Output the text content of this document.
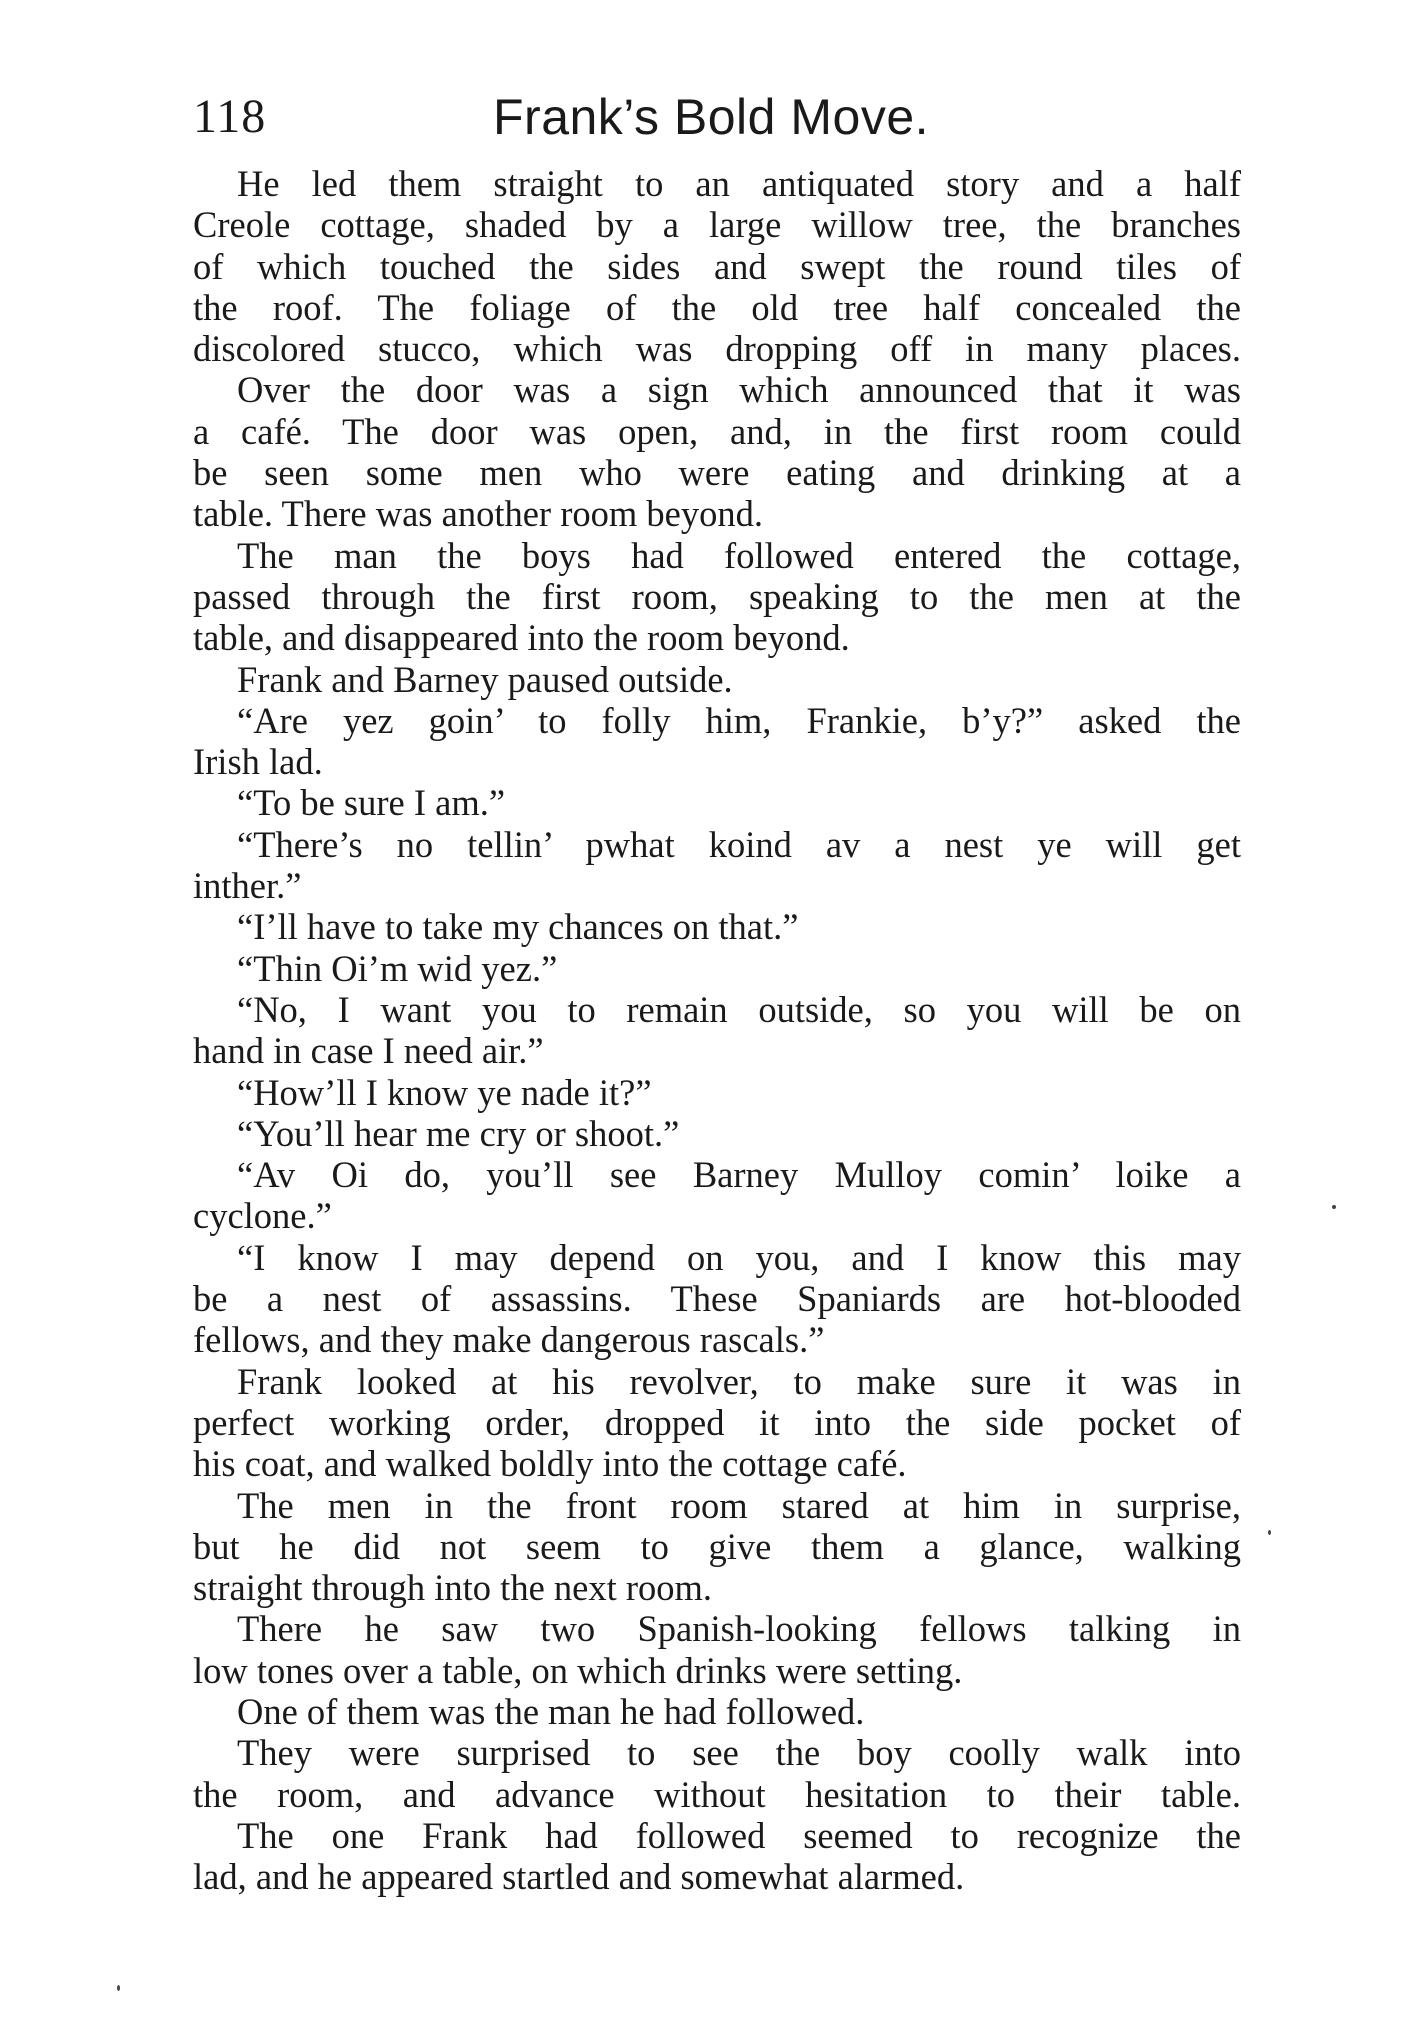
118	Frank’s Bold Move.
He led them straight to an antiquated story and a half
Creole cottage, shaded by a large willow tree, the branches
of which touched the sides and swept the round tiles of
the roof. The foliage of the old tree half concealed the
discolored stucco, which was dropping off in many places.
Over the door was a sign which announced that it was
a café. The door was open, and, in the first room could
be seen some men who were eating and drinking at a
table. There was another room beyond.
The man the boys had followed entered the cottage,
passed through the first room, speaking to the men at the
table, and disappeared into the room beyond.
Frank and Barney paused outside.
“Are yez goin’ to folly him, Frankie, b’y?” asked the
Irish lad.
“To be sure I am.”
“There’s no tellin’ pwhat koind av a nest ye will get
inther.”
“I’ll have to take my chances on that.”
“Thin Oi’m wid yez.”
“No, I want you to remain outside, so you will be on
hand in case I need air.”
“How’ll I know ye nade it?”
“You’ll hear me cry or shoot.”
“Av Oi do, you’ll see Barney Mulloy comin’ loike a
cyclone.”
“I know I may depend on you, and I know this may
be a nest of assassins. These Spaniards are hot-blooded
fellows, and they make dangerous rascals.”
Frank looked at his revolver, to make sure it was in
perfect working order, dropped it into the side pocket of
his coat, and walked boldly into the cottage café.
The men in the front room stared at him in surprise,
but he did not seem to give them a glance, walking
straight through into the next room.
There he saw two Spanish-looking fellows talking in
low tones over a table, on which drinks were setting.
One of them was the man he had followed.
They were surprised to see the boy coolly walk into
the room, and advance without hesitation to their table.
The one Frank had followed seemed to recognize the
lad, and he appeared startled and somewhat alarmed.
